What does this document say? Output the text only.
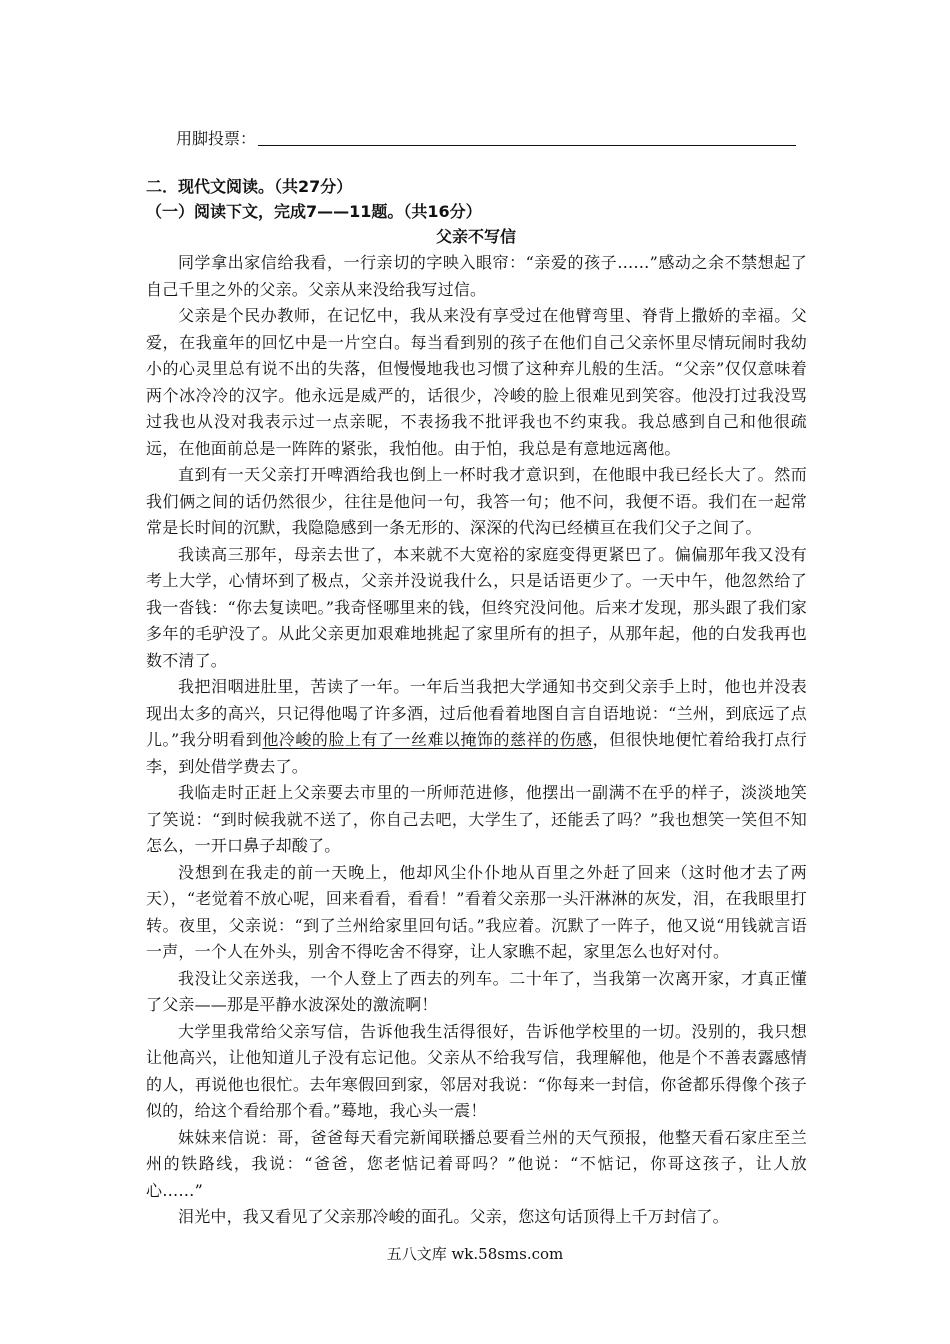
用脚投票：
二．现代文阅读。（共27分）
（一）阅读下文，完成7——11题。（共16分）
父亲不写信

同学拿出家信给我看，一行亲切的字映入眼帘：“亲爱的孩子……”感动之余不禁想起了自己千里之外的父亲。父亲从来没给我写过信。

父亲是个民办教师，在记忆中，我从来没有享受过在他臂弯里、脊背上撒娇的幸福。父爱，在我童年的回忆中是一片空白。每当看到别的孩子在他们自己父亲怀里尽情玩闹时我幼小的心灵里总有说不出的失落，但慢慢地我也习惯了这种弃儿般的生活。“父亲”仅仅意味着两个冰冷冷的汉字。他永远是威严的，话很少，冷峻的脸上很难见到笑容。他没打过我没骂过我也从没对我表示过一点亲昵，不表扬我不批评我也不约束我。我总感到自己和他很疏远，在他面前总是一阵阵的紧张，我怕他。由于怕，我总是有意地远离他。

直到有一天父亲打开啤酒给我也倒上一杯时我才意识到，在他眼中我已经长大了。然而我们俩之间的话仍然很少，往往是他问一句，我答一句；他不问，我便不语。我们在一起常常是长时间的沉默，我隐隐感到一条无形的、深深的代沟已经横亘在我们父子之间了。

我读高三那年，母亲去世了，本来就不大宽裕的家庭变得更紧巴了。偏偏那年我又没有考上大学，心情坏到了极点，父亲并没说我什么，只是话语更少了。一天中午，他忽然给了我一沓钱：“你去复读吧。”我奇怪哪里来的钱，但终究没问他。后来才发现，那头跟了我们家多年的毛驴没了。从此父亲更加艰难地挑起了家里所有的担子，从那年起，他的白发我再也数不清了。

我把泪咽进肚里，苦读了一年。一年后当我把大学通知书交到父亲手上时，他也并没表现出太多的高兴，只记得他喝了许多酒，过后他看着地图自言自语地说：“兰州，到底远了点儿。”我分明看到他冷峻的脸上有了一丝难以掩饰的慈祥的伤感，但很快地便忙着给我打点行李，到处借学费去了。

我临走时正赶上父亲要去市里的一所师范进修，他摆出一副满不在乎的样子，淡淡地笑了笑说：“到时候我就不送了，你自己去吧，大学生了，还能丢了吗？”我也想笑一笑但不知怎么，一开口鼻子却酸了。

没想到在我走的前一天晚上，他却风尘仆仆地从百里之外赶了回来（这时他才去了两天），“老觉着不放心呢，回来看看，看看！”看着父亲那一头汗淋淋的灰发，泪，在我眼里打转。夜里，父亲说：“到了兰州给家里回句话。”我应着。沉默了一阵子，他又说“用钱就言语一声，一个人在外头，别舍不得吃舍不得穿，让人家瞧不起，家里怎么也好对付。

我没让父亲送我，一个人登上了西去的列车。二十年了，当我第一次离开家，才真正懂了父亲——那是平静水波深处的激流啊！

大学里我常给父亲写信，告诉他我生活得很好，告诉他学校里的一切。没别的，我只想让他高兴，让他知道儿子没有忘记他。父亲从不给我写信，我理解他，他是个不善表露感情的人，再说他也很忙。去年寒假回到家，邻居对我说：“你每来一封信，你爸都乐得像个孩子似的，给这个看给那个看。”蓦地，我心头一震！

妹妹来信说：哥，爸爸每天看完新闻联播总要看兰州的天气预报，他整天看石家庄至兰州的铁路线，我说：“爸爸，您老惦记着哥吗？”他说：“不惦记，你哥这孩子，让人放心……”

泪光中，我又看见了父亲那冷峻的面孔。父亲，您这句话顶得上千万封信了。

五八文库 wk.58sms.com
